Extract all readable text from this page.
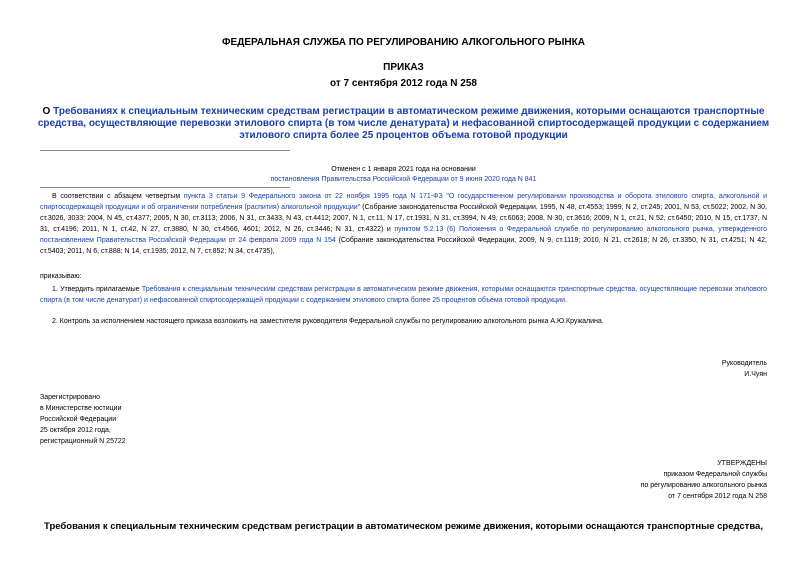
ФЕДЕРАЛЬНАЯ СЛУЖБА ПО РЕГУЛИРОВАНИЮ АЛКОГОЛЬНОГО РЫНКА
ПРИКАЗ
от 7 сентября 2012 года N 258
О Требованиях к специальным техническим средствам регистрации в автоматическом режиме движения, которыми оснащаются транспортные средства, осуществляющие перевозки этилового спирта (в том числе денатурата) и нефасованной спиртосодержащей продукции с содержанием этилового спирта более 25 процентов объема готовой продукции
Отменен с 1 января 2021 года на основании
постановления Правительства Российской Федерации от 9 июня 2020 года N 841
В соответствии с абзацем четвертым пункта 3 статьи 9 Федерального закона от 22 ноября 1995 года N 171-ФЗ "О государственном регулировании производства и оборота этилового спирта, алкогольной и спиртосодержащей продукции и об ограничении потребления (распития) алкогольной продукции" (Собрание законодательства Российской Федерации, 1995, N 48, ст.4553; 1999, N 2, ст.245; 2001, N 53, ст.5022; 2002, N 30, ст.3026, 3033; 2004, N 45, ст.4377; 2005, N 30, ст.3113; 2006, N 31, ст.3433, N 43, ст.4412; 2007, N 1, ст.11, N 17, ст.1931, N 31, ст.3994, N 49, ст.6063; 2008, N 30, ст.3616; 2009, N 1, ст.21, N 52, ст.6450; 2010, N 15, ст.1737, N 31, ст.4196; 2011, N 1, ст.42, N 27, ст.3880, N 30, ст.4566, 4601; 2012, N 26, ст.3446; N 31, ст.4322) и пунктом 5.2.13 (6) Положения о Федеральной службе по регулированию алкогольного рынка, утвержденного постановлением Правительства Российской Федерации от 24 февраля 2009 года N 154 (Собрание законодательства Российской Федерации, 2009, N 9, ст.1119; 2010, N 21, ст.2618; N 26, ст.3350, N 31, ст.4251; N 42, ст.5403; 2011, N 6, ст.888; N 14, ст.1935; 2012, N 7, ст.852; N 34, ст.4735),
приказываю:
1. Утвердить прилагаемые Требования к специальным техническим средствам регистрации в автоматическом режиме движения, которыми оснащаются транспортные средства, осуществляющие перевозки этилового спирта (в том числе денатурат) и нефасованной спиртосодержащей продукции с содержанием этилового спирта более 25 процентов объема готовой продукции.
2. Контроль за исполнением настоящего приказа возложить на заместителя руководителя Федеральной службы по регулированию алкогольного рынка А.Ю.Кружалина.
Руководитель
И.Чуян
Зарегистрировано
в Министерстве юстиции
Российской Федерации
25 октября 2012 года,
регистрационный N 25722
УТВЕРЖДЕНЫ
приказом Федеральной службы
по регулированию алкогольного рынка
от 7 сентября 2012 года N 258
Требования к специальным техническим средствам регистрации в автоматическом режиме движения, которыми оснащаются транспортные средства,
